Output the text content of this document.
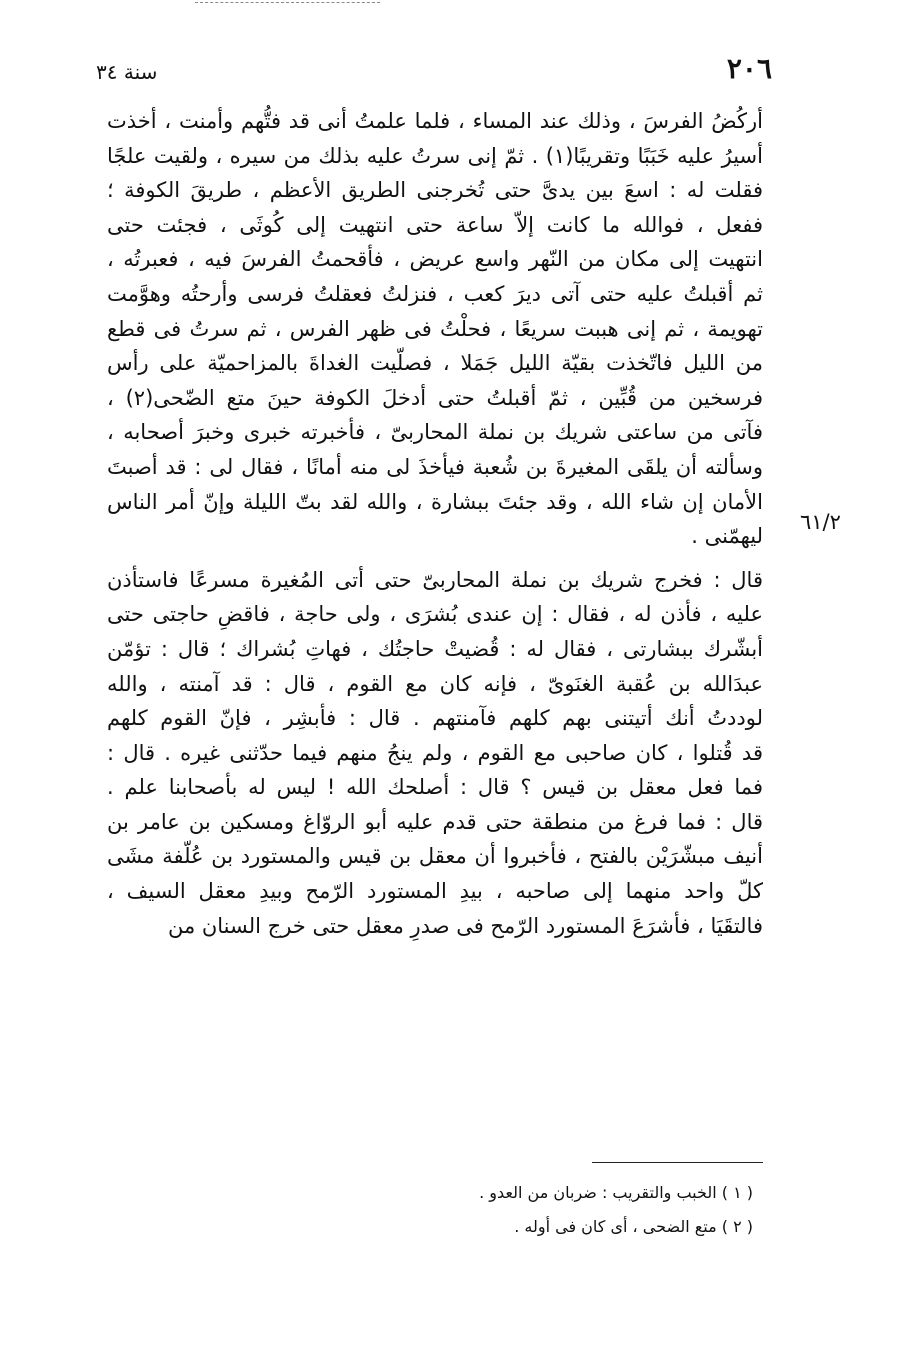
٢٠٦
سنة ٣٤
٦١/٢
أركُضُ الفرسَ ، وذلك عند المساء ، فلما علمتُ أنى قد فتُّهم وأمنت ، أخذت
أسيرُ عليه خَبَبًا وتقريبًا(١) . ثمّ إنى سرتُ عليه بذلك من سيره ، ولقيت علجًا
فقلت له : اسعَ بين يدىَّ حتى تُخرجنى الطريق الأعظم ، طريقَ الكوفة ؛
ففعل ، فوالله ما كانت إلاّ ساعة حتى انتهيت إلى كُوثَى ، فجئت حتى
انتهيت إلى مكان من النّهر واسع عريض ، فأقحمتُ الفرسَ فيه ، فعبرتُه ،
ثم أقبلتُ عليه حتى آتى ديرَ كعب ، فنزلتُ فعقلتُ فرسى وأرحتُه وهوَّمت
تهويمة ، ثم إنى هببت سريعًا ، فحلْتُ فى ظهر الفرس ، ثم سرتُ فى قطع
من الليل فاتّخذت بقيّة الليل جَمَلا ، فصلّيت الغداةَ بالمزاحميّة على رأس
فرسخين من قُبِّين ، ثمّ أقبلتُ حتى أدخلَ الكوفة حينَ متع الضّحى(٢) ،
فآتى من ساعتى شريك بن نملة المحاربىّ ، فأخبرته خبرى وخبرَ أصحابه ،
وسألته أن يلقَى المغيرةَ بن شُعبة فيأخذَ لى منه أمانًا ، فقال لى : قد أصبتَ
الأمان إن شاء الله ، وقد جئتَ ببشارة ، والله لقد بتّ الليلة وإنّ أمر الناس
ليهمّنى .
قال : فخرج شريك بن نملة المحاربىّ حتى أتى المُغيرة مسرعًا فاستأذن
عليه ، فأذن له ، فقال : إن عندى بُشرَى ، ولى حاجة ، فاقضِ حاجتى حتى
أبشّرك ببشارتى ، فقال له : قُضيتْ حاجتُك ، فهاتِ بُشراك ؛ قال : تؤمّن
عبدَالله بن عُقبة الغنَوىّ ، فإنه كان مع القوم ، قال : قد آمنته ، والله
لوددتُ أنك أتيتنى بهم كلهم فآمنتهم . قال : فأبشِر ، فإنّ القوم كلهم
قد قُتلوا ، كان صاحبى مع القوم ، ولم ينجُ منهم فيما حدّثنى غيره . قال :
فما فعل معقل بن قيس ؟ قال : أصلحك الله ! ليس له بأصحابنا علم .
قال : فما فرغ من منطقة حتى قدم عليه أبو الروّاغ ومسكين بن عامر بن
أنيف مبشّرَيْن بالفتح ، فأخبروا أن معقل بن قيس والمستورد بن عُلّفة مشَى
كلّ واحد منهما إلى صاحبه ، بيدِ المستورد الرّمح وبيدِ معقل السيف ،
فالتقَيَا ، فأشرَعَ المستورد الرّمح فى صدرِ معقل حتى خرج السنان من
( ١ ) الخبب والتقريب : ضربان من العدو .
( ٢ ) متع الضحى ، أى كان فى أوله .
